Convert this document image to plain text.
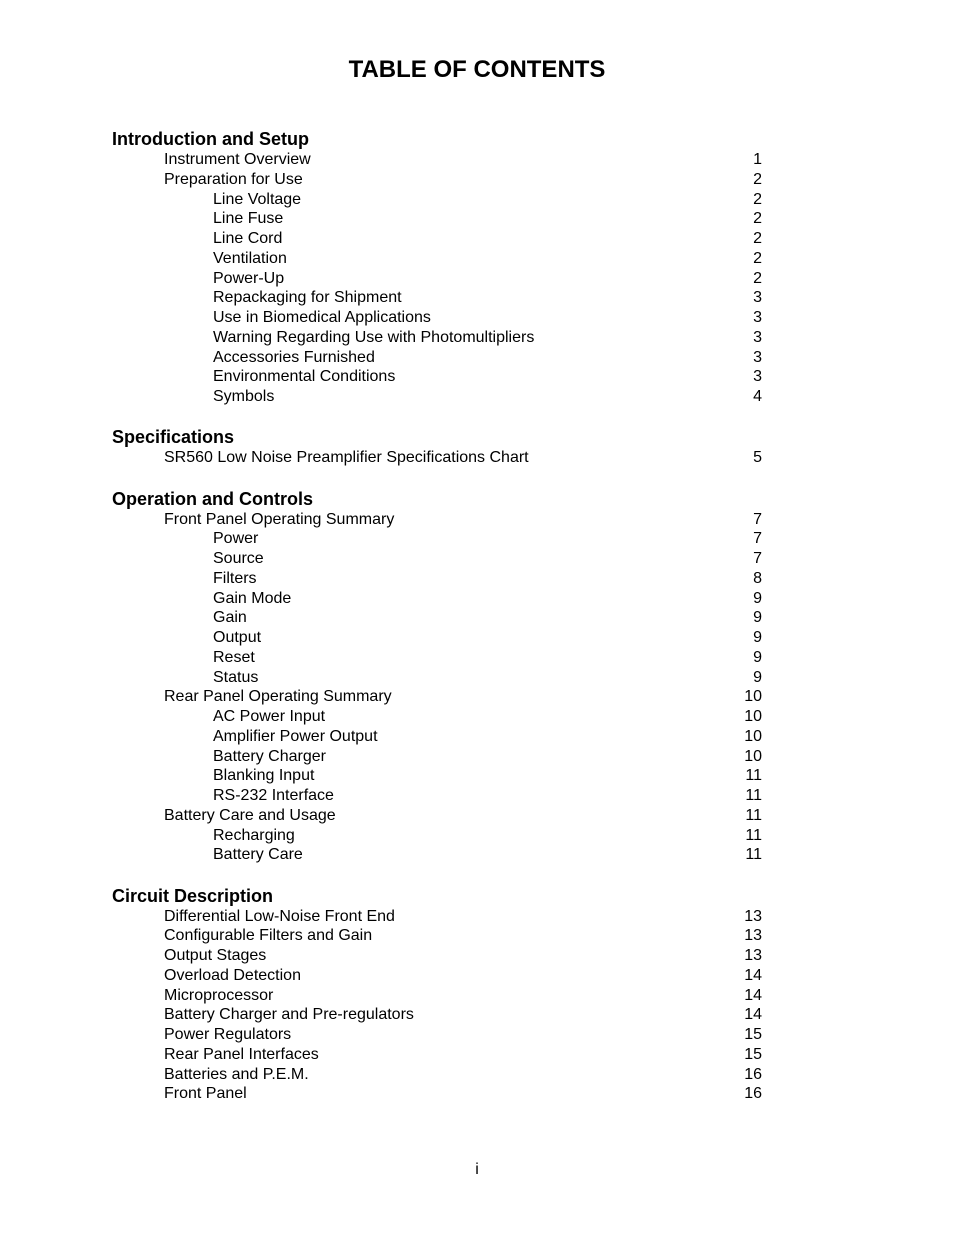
TABLE OF CONTENTS
Introduction and Setup
Instrument Overview	1
Preparation for Use	2
Line Voltage	2
Line Fuse	2
Line Cord	2
Ventilation	2
Power-Up	2
Repackaging for Shipment	3
Use in Biomedical Applications	3
Warning Regarding Use with Photomultipliers	3
Accessories Furnished	3
Environmental Conditions	3
Symbols	4
Specifications
SR560 Low Noise Preamplifier Specifications Chart	5
Operation and Controls
Front Panel Operating Summary	7
Power	7
Source	7
Filters	8
Gain Mode	9
Gain	9
Output	9
Reset	9
Status	9
Rear Panel Operating Summary	10
AC Power Input	10
Amplifier Power Output	10
Battery Charger	10
Blanking Input	11
RS-232 Interface	11
Battery Care and Usage	11
Recharging	11
Battery Care	11
Circuit Description
Differential Low-Noise Front End	13
Configurable Filters and Gain	13
Output Stages	13
Overload Detection	14
Microprocessor	14
Battery Charger and Pre-regulators	14
Power Regulators	15
Rear Panel Interfaces	15
Batteries and P.E.M.	16
Front Panel	16
i
